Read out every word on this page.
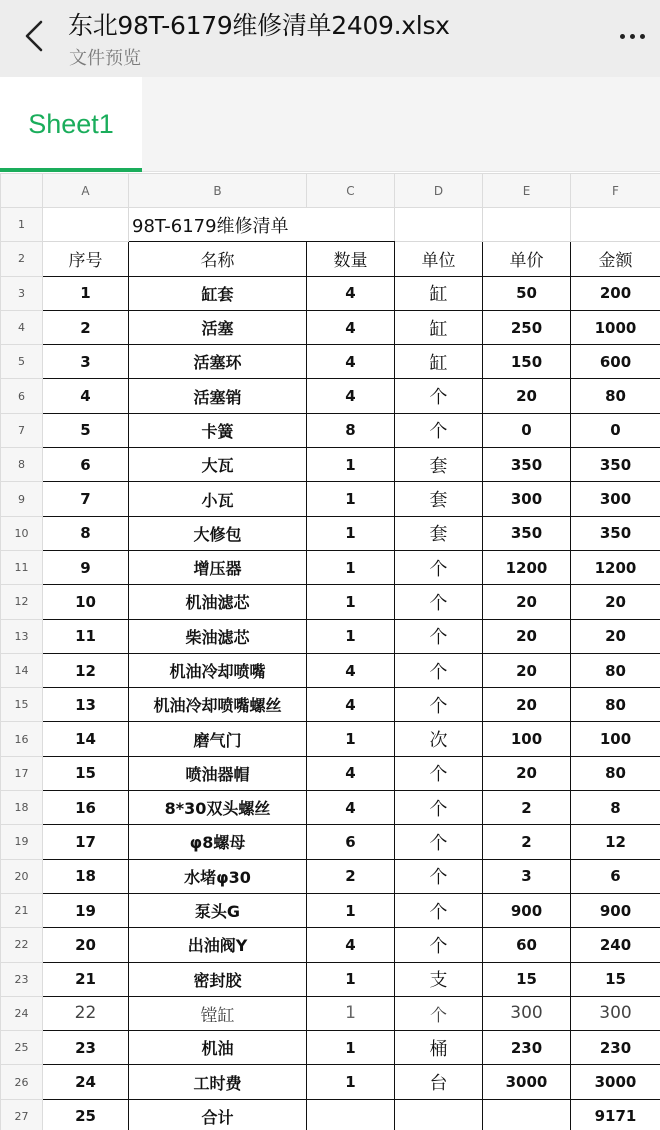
东北98T-6179维修清单2409.xlsx
文件预览
Sheet1
	A	B	C	D	E	F
1		98T-6179维修清单				
2	序号	名称	数量	单位	单价	金额
3	1	缸套	4	缸	50	200
4	2	活塞	4	缸	250	1000
5	3	活塞环	4	缸	150	600
6	4	活塞销	4	个	20	80
7	5	卡簧	8	个	0	0
8	6	大瓦	1	套	350	350
9	7	小瓦	1	套	300	300
10	8	大修包	1	套	350	350
11	9	增压器	1	个	1200	1200
12	10	机油滤芯	1	个	20	20
13	11	柴油滤芯	1	个	20	20
14	12	机油冷却喷嘴	4	个	20	80
15	13	机油冷却喷嘴螺丝	4	个	20	80
16	14	磨气门	1	次	100	100
17	15	喷油器帽	4	个	20	80
18	16	8*30双头螺丝	4	个	2	8
19	17	φ8螺母	6	个	2	12
20	18	水堵φ30	2	个	3	6
21	19	泵头G	1	个	900	900
22	20	出油阀Y	4	个	60	240
23	21	密封胶	1	支	15	15
24	22	镗缸	1	个	300	300
25	23	机油	1	桶	230	230
26	24	工时费	1	台	3000	3000
27	25	合计				9171
